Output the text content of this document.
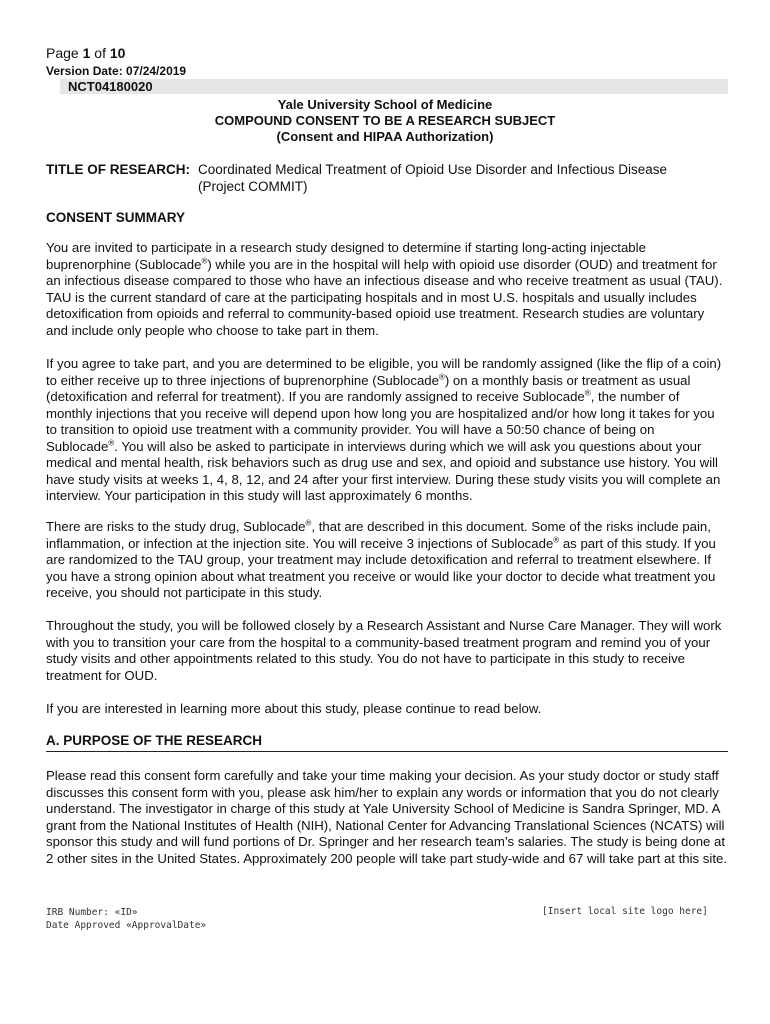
Page 1 of 10
Version Date: 07/24/2019
NCT04180020
Yale University School of Medicine
COMPOUND CONSENT TO BE A RESEARCH SUBJECT
(Consent and HIPAA Authorization)
TITLE OF RESEARCH: Coordinated Medical Treatment of Opioid Use Disorder and Infectious Disease
(Project COMMIT)
CONSENT SUMMARY

You are invited to participate in a research study designed to determine if starting long-acting injectable buprenorphine (Sublocade®) while you are in the hospital will help with opioid use disorder (OUD) and treatment for an infectious disease compared to those who have an infectious disease and who receive treatment as usual (TAU). TAU is the current standard of care at the participating hospitals and in most U.S. hospitals and usually includes detoxification from opioids and referral to community-based opioid use treatment. Research studies are voluntary and include only people who choose to take part in them.

If you agree to take part, and you are determined to be eligible, you will be randomly assigned (like the flip of a coin) to either receive up to three injections of buprenorphine (Sublocade®) on a monthly basis or treatment as usual (detoxification and referral for treatment). If you are randomly assigned to receive Sublocade®, the number of monthly injections that you receive will depend upon how long you are hospitalized and/or how long it takes for you to transition to opioid use treatment with a community provider. You will have a 50:50 chance of being on Sublocade®. You will also be asked to participate in interviews during which we will ask you questions about your medical and mental health, risk behaviors such as drug use and sex, and opioid and substance use history. You will have study visits at weeks 1, 4, 8, 12, and 24 after your first interview. During these study visits you will complete an interview. Your participation in this study will last approximately 6 months.

There are risks to the study drug, Sublocade®, that are described in this document. Some of the risks include pain, inflammation, or infection at the injection site. You will receive 3 injections of Sublocade® as part of this study. If you are randomized to the TAU group, your treatment may include detoxification and referral to treatment elsewhere. If you have a strong opinion about what treatment you receive or would like your doctor to decide what treatment you receive, you should not participate in this study.

Throughout the study, you will be followed closely by a Research Assistant and Nurse Care Manager. They will work with you to transition your care from the hospital to a community-based treatment program and remind you of your study visits and other appointments related to this study. You do not have to participate in this study to receive treatment for OUD.

If you are interested in learning more about this study, please continue to read below.

A. PURPOSE OF THE RESEARCH

Please read this consent form carefully and take your time making your decision. As your study doctor or study staff discusses this consent form with you, please ask him/her to explain any words or information that you do not clearly understand. The investigator in charge of this study at Yale University School of Medicine is Sandra Springer, MD. A grant from the National Institutes of Health (NIH), National Center for Advancing Translational Sciences (NCATS) will sponsor this study and will fund portions of Dr. Springer and her research team’s salaries. The study is being done at 2 other sites in the United States. Approximately 200 people will take part study-wide and 67 will take part at this site.

IRB Number: «ID»
Date Approved «ApprovalDate»
[Insert local site logo here]
